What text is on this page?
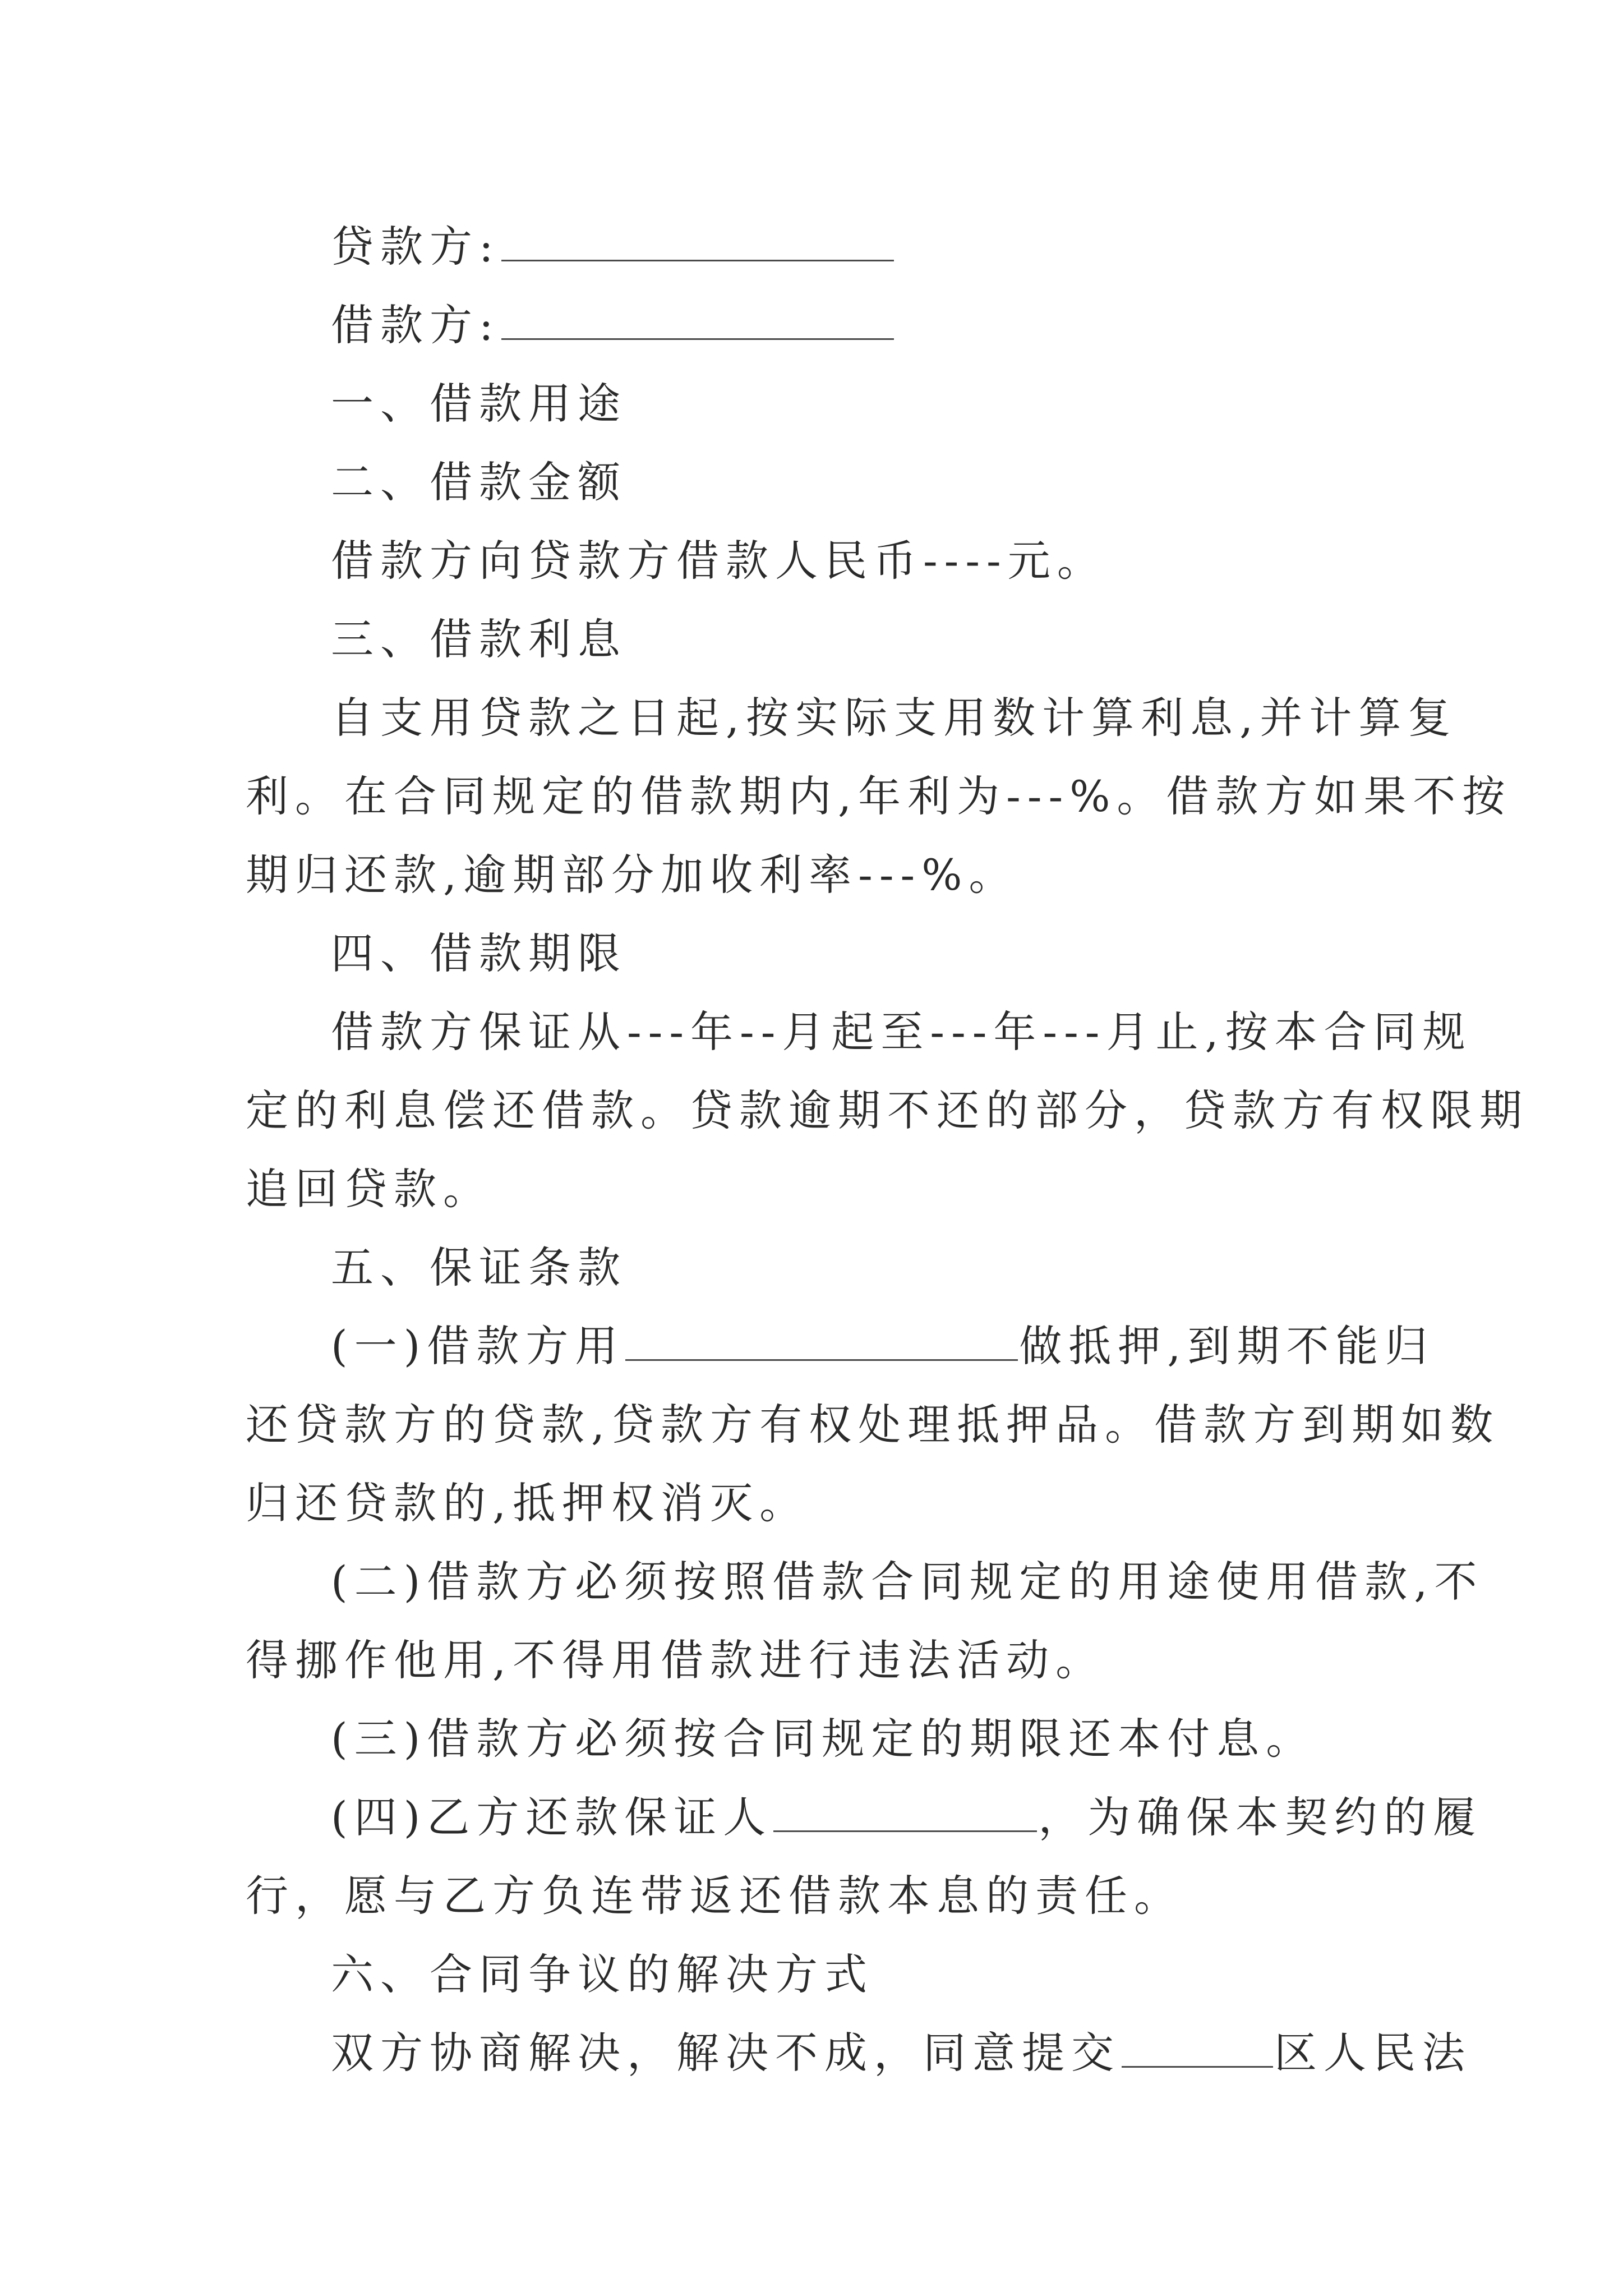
贷款方:
借款方:
一、借款用途
二、借款金额
借款方向贷款方借款人民币----元。
三、借款利息
自支用贷款之日起,按实际支用数计算利息,并计算复
利。在合同规定的借款期内,年利为---%。借款方如果不按
期归还款,逾期部分加收利率---%。
四、借款期限
借款方保证从---年--月起至---年---月止,按本合同规
定的利息偿还借款。贷款逾期不还的部分，贷款方有权限期
追回贷款。
五、保证条款
(一)借款方用	做抵押,到期不能归
还贷款方的贷款,贷款方有权处理抵押品。借款方到期如数
归还贷款的,抵押权消灭。
(二)借款方必须按照借款合同规定的用途使用借款,不
得挪作他用,不得用借款进行违法活动。
(三)借款方必须按合同规定的期限还本付息。
(四)乙方还款保证人	，为确保本契约的履
行，愿与乙方负连带返还借款本息的责任。
六、合同争议的解决方式
双方协商解决，解决不成，同意提交	区人民法
